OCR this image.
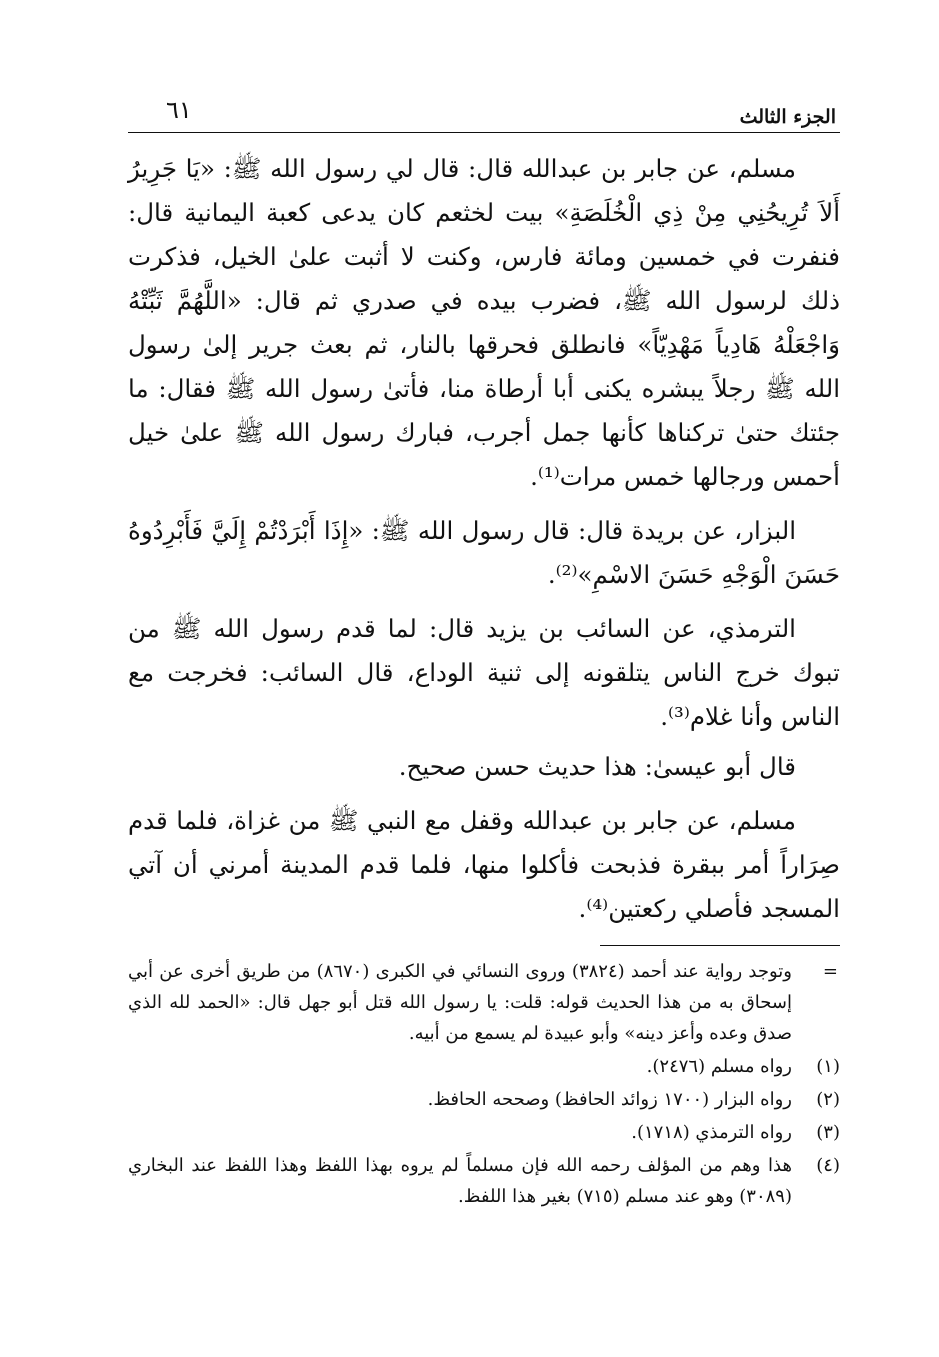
الجزء الثالث
٦١

مسلم، عن جابر بن عبدالله قال: قال لي رسول الله ﷺ: «يَا جَرِيرُ أَلاَ تُرِيحُنِي مِنْ ذِي الْخُلَصَةِ» بيت لخثعم كان يدعى كعبة اليمانية قال: فنفرت في خمسين ومائة فارس، وكنت لا أثبت علىٰ الخيل، فذكرت ذلك لرسول الله ﷺ، فضرب بيده في صدري ثم قال: «اللَّهُمَّ ثَبِّتْهُ وَاجْعَلْهُ هَادِياً مَهْدِيّاً» فانطلق فحرقها بالنار، ثم بعث جرير إلىٰ رسول الله ﷺ رجلاً يبشره يكنى أبا أرطاة منا، فأتىٰ رسول الله ﷺ فقال: ما جئتك حتىٰ تركناها كأنها جمل أجرب، فبارك رسول الله ﷺ علىٰ خيل أحمس ورجالها خمس مرات⁽¹⁾.

البزار، عن بريدة قال: قال رسول الله ﷺ: «إِذَا أَبْرَدْتُمْ إِلَيَّ فَأَبْرِدُوهُ حَسَنَ الْوَجْهِ حَسَنَ الاسْمِ»⁽²⁾.

الترمذي، عن السائب بن يزيد قال: لما قدم رسول الله ﷺ من تبوك خرج الناس يتلقونه إلى ثنية الوداع، قال السائب: فخرجت مع الناس وأنا غلام⁽³⁾.

قال أبو عيسىٰ: هذا حديث حسن صحيح.

مسلم، عن جابر بن عبدالله وقفل مع النبي ﷺ من غزاة، فلما قدم صِرَاراً أمر ببقرة فذبحت فأكلوا منها، فلما قدم المدينة أمرني أن آتي المسجد فأصلي ركعتين⁽⁴⁾.

=
وتوجد رواية عند أحمد (٣٨٢٤) وروى النسائي في الكبرى (٨٦٧٠) من طريق أخرى عن أبي إسحاق به من هذا الحديث قوله: قلت: يا رسول الله قتل أبو جهل قال: «الحمد لله الذي صدق وعده وأعز دينه» وأبو عبيدة لم يسمع من أبيه.
(١)
رواه مسلم (٢٤٧٦).
(٢)
رواه البزار (١٧٠٠ زوائد الحافظ) وصححه الحافظ.
(٣)
رواه الترمذي (١٧١٨).
(٤)
هذا وهم من المؤلف رحمه الله فإن مسلماً لم يروه بهذا اللفظ وهذا اللفظ عند البخاري (٣٠٨٩) وهو عند مسلم (٧١٥) بغير هذا اللفظ.
